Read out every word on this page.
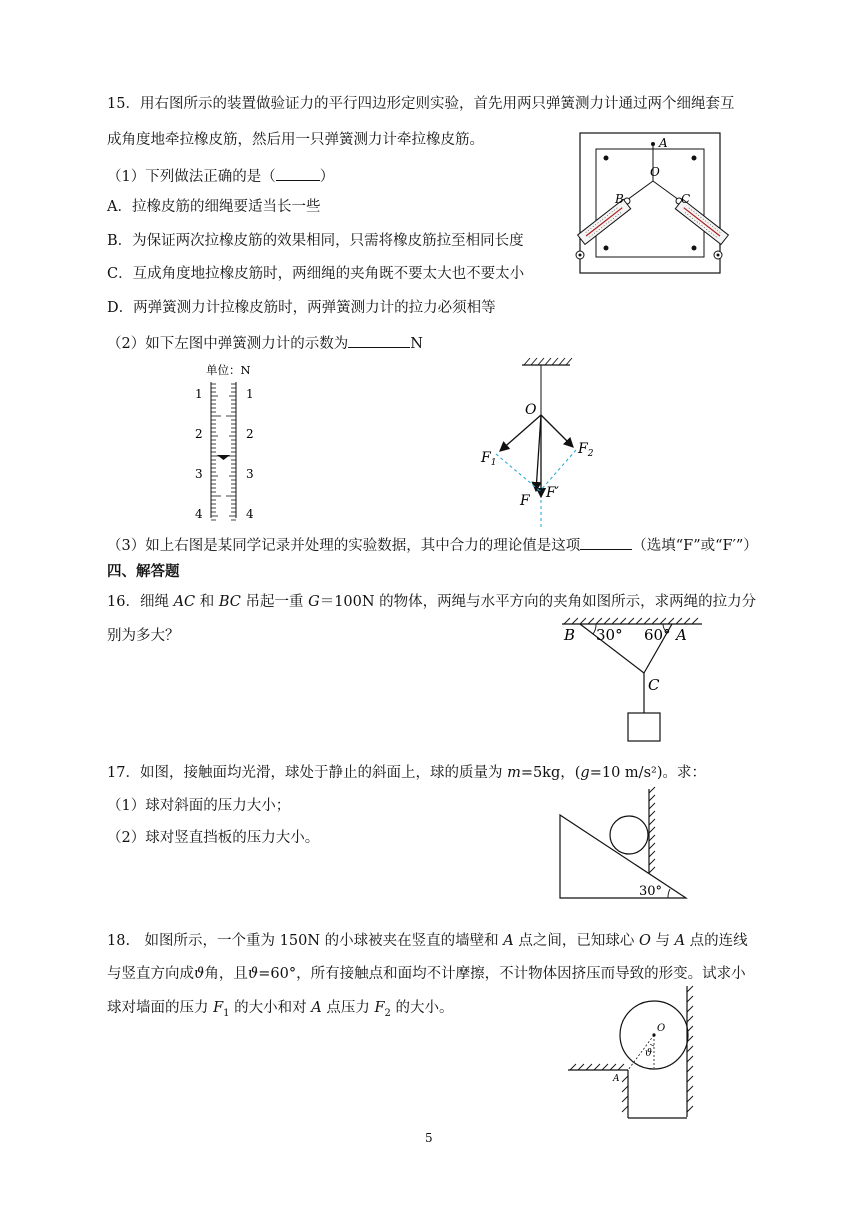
15．用右图所示的装置做验证力的平行四边形定则实验，首先用两只弹簧测力计通过两个细绳套互
成角度地牵拉橡皮筋，然后用一只弹簧测力计牵拉橡皮筋。
（1）下列做法正确的是（	）
A．拉橡皮筋的细绳要适当长一些
B．为保证两次拉橡皮筋的效果相同，只需将橡皮筋拉至相同长度
C．互成角度地拉橡皮筋时，两细绳的夹角既不要太大也不要太小
D．两弹簧测力计拉橡皮筋时，两弹簧测力计的拉力必须相等
（2）如下左图中弹簧测力计的示数为	N
A
O
B	C
单位：N
1
2
3
4
1
2
3
4
O
$F_1$
$F_2$
F F′
（3）如上右图是某同学记录并处理的实验数据，其中合力的理论值是这项	（选填“F”或“F′”）
四、解答题
16．细绳 AC 和 BC 吊起一重 G＝100N 的物体，两绳与水平方向的夹角如图所示，求两绳的拉力分
别为多大？	B 30° 60° A
C
17．如图，接触面均光滑，球处于静止的斜面上，球的质量为 m=5kg，(g=10 m/s²)。求：
（1）球对斜面的压力大小；
（2）球对竖直挡板的压力大小。
30°
18.　如图所示，一个重为 150N 的小球被夹在竖直的墙壁和 A 点之间，已知球心 O 与 A 点的连线
与竖直方向成ϑ角，且ϑ=60°，所有接触点和面均不计摩擦，不计物体因挤压而导致的形变。试求小
球对墙面的压力 $F_1$ 的大小和对 A 点压力 $F_2$ 的大小。
O
ϑ
A
5
